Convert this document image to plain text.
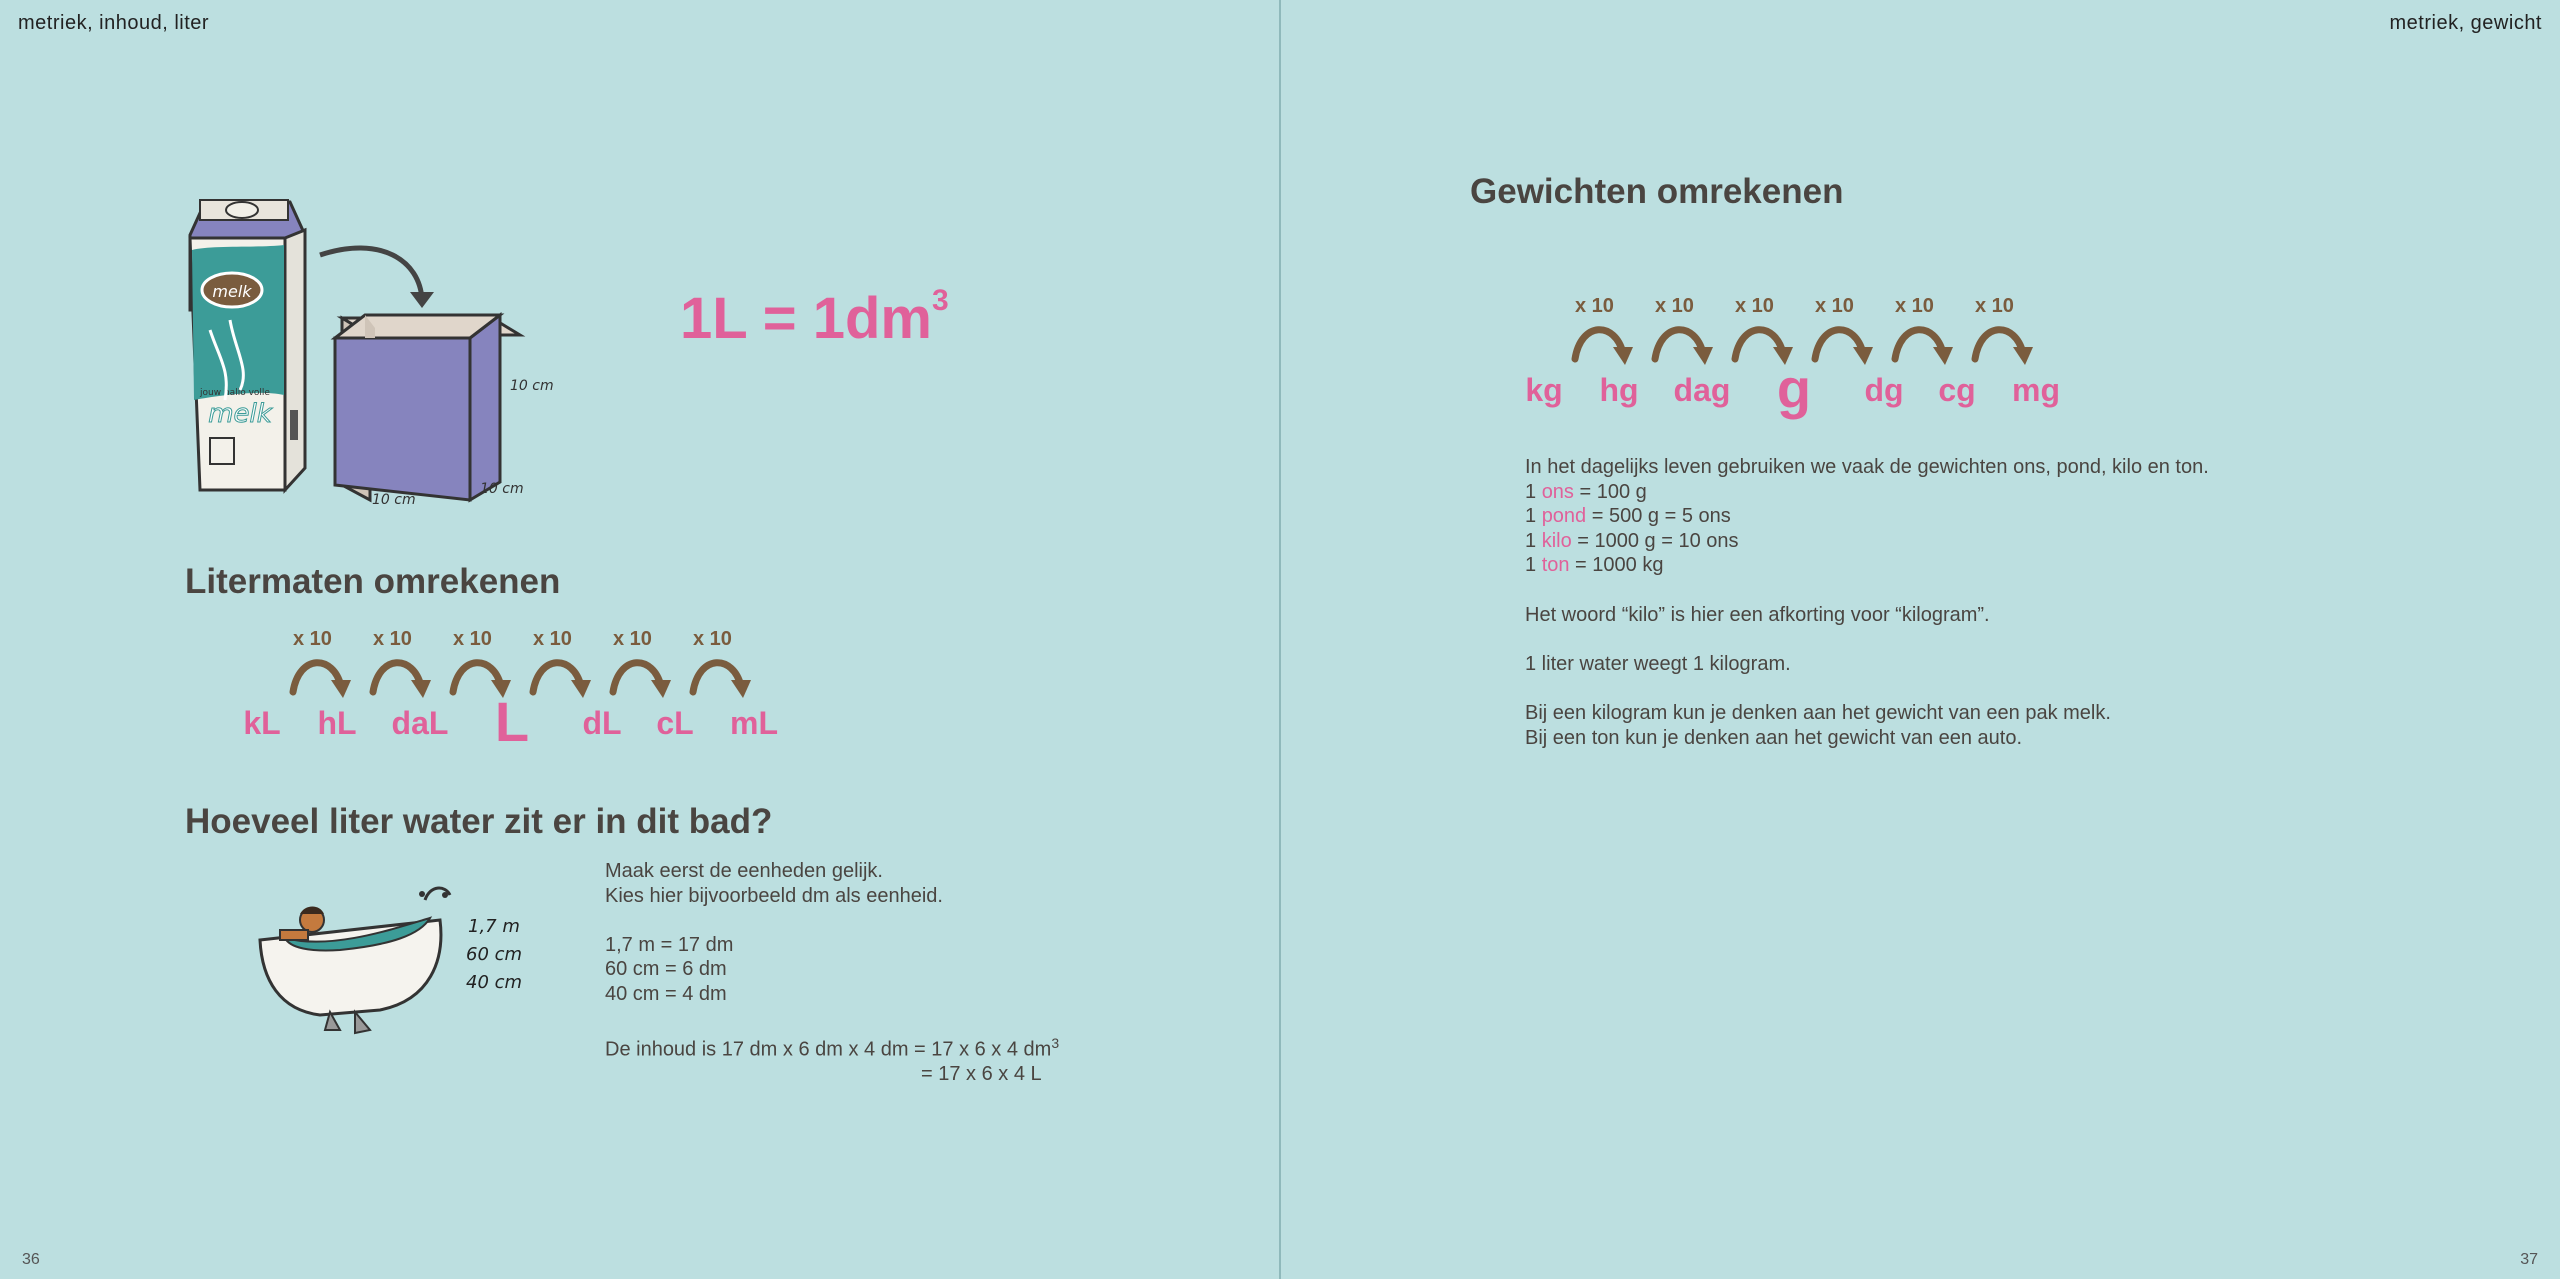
metriek, inhoud, liter
melk
jouw hallo volle
melk
10 cm
10 cm
10 cm
$1L = 1dm^3$
Litermaten omrekenen
x 10 x 10 x 10 x 10 x 10 x 10
kL hL daL L dL cL mL
Hoeveel liter water zit er in dit bad?
1,7 m
60 cm
40 cm

Maak eerst de eenheden gelijk.

Kies hier bijvoorbeeld dm als eenheid.

1,7 m = 17 dm

60 cm = 6 dm

40 cm = 4 dm

De inhoud is 17 dm x 6 dm x 4 dm = 17 x 6 x 4 $dm^3$

= 17 x 6 x 4 L

36
metriek, gewicht
Gewichten omrekenen
x 10 x 10 x 10 x 10 x 10 x 10
kg hg dag g dg cg mg

In het dagelijks leven gebruiken we vaak de gewichten ons, pond, kilo en ton.

1 ons = 100 g

1 pond = 500 g = 5 ons

1 kilo = 1000 g = 10 ons

1 ton = 1000 kg

Het woord “kilo” is hier een afkorting voor “kilogram”.

1 liter water weegt 1 kilogram.

Bij een kilogram kun je denken aan het gewicht van een pak melk.

Bij een ton kun je denken aan het gewicht van een auto.

37
